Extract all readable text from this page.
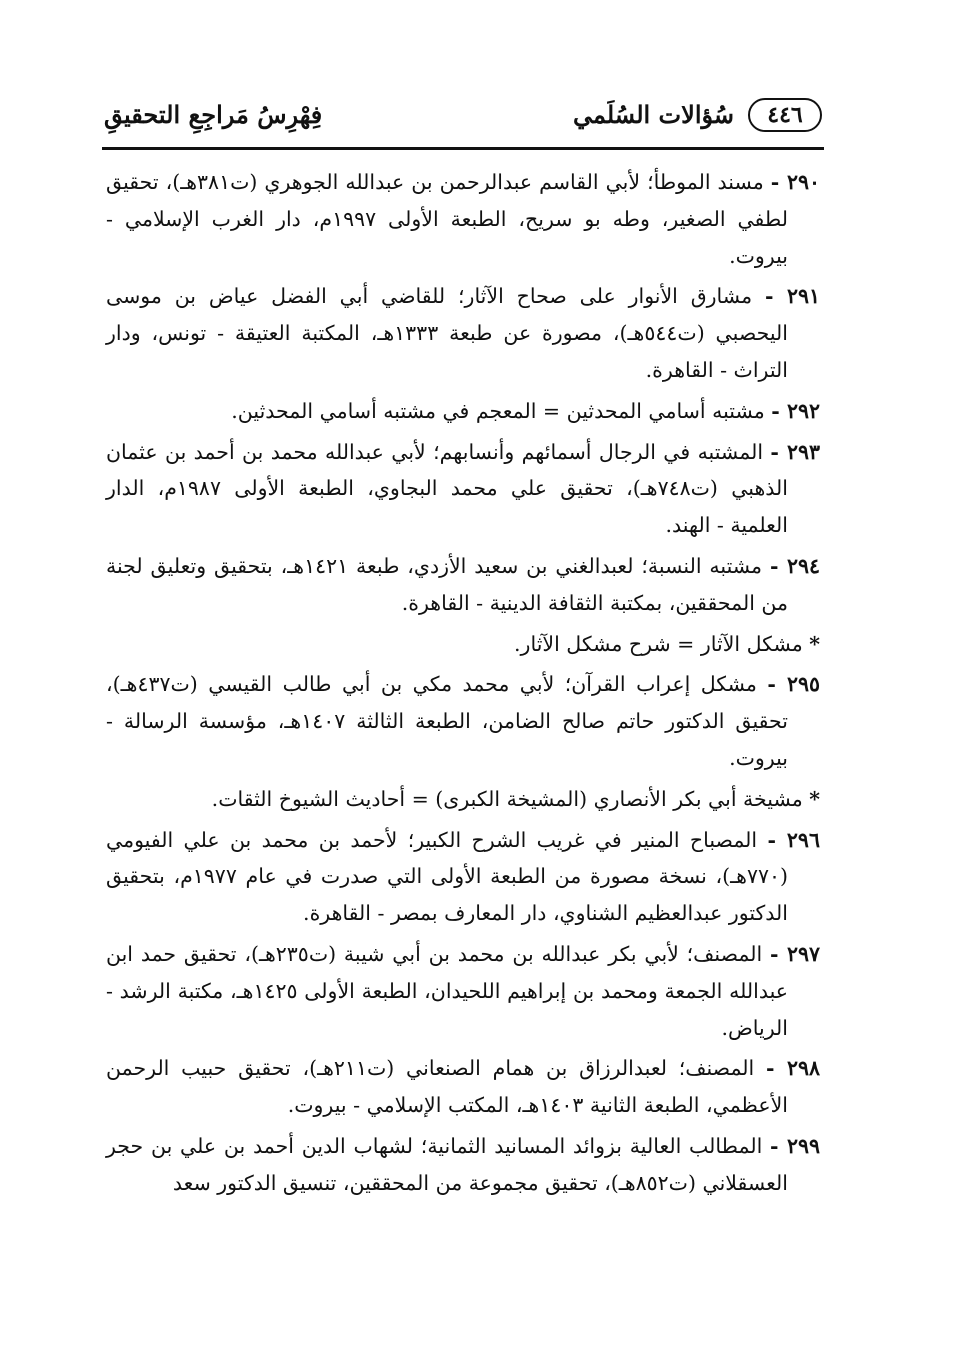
٤٤٦
سُؤالات السُلَمي
فِهْرِسُ مَراجِعِ التحقيقِ

٢٩٠ - مسند الموطأ؛ لأبي القاسم عبدالرحمن بن عبدالله الجوهري (ت٣٨١هـ)، تحقيق لطفي الصغير، وطه بو سريح، الطبعة الأولى ١٩٩٧م، دار الغرب الإسلامي - بيروت.

٢٩١ - مشارق الأنوار على صحاح الآثار؛ للقاضي أبي الفضل عياض بن موسى اليحصبي (ت٥٤٤هـ)، مصورة عن طبعة ١٣٣٣هـ، المكتبة العتيقة - تونس، ودار التراث - القاهرة.

٢٩٢ - مشتبه أسامي المحدثين = المعجم في مشتبه أسامي المحدثين.

٢٩٣ - المشتبه في الرجال أسمائهم وأنسابهم؛ لأبي عبدالله محمد بن أحمد بن عثمان الذهبي (ت٧٤٨هـ)، تحقيق علي محمد البجاوي، الطبعة الأولى ١٩٨٧م، الدار العلمية - الهند.

٢٩٤ - مشتبه النسبة؛ لعبدالغني بن سعيد الأزدي، طبعة ١٤٢١هـ، بتحقيق وتعليق لجنة من المحققين، بمكتبة الثقافة الدينية - القاهرة.

* مشكل الآثار = شرح مشكل الآثار.

٢٩٥ - مشكل إعراب القرآن؛ لأبي محمد مكي بن أبي طالب القيسي (ت٤٣٧هـ)، تحقيق الدكتور حاتم صالح الضامن، الطبعة الثالثة ١٤٠٧هـ، مؤسسة الرسالة - بيروت.

* مشيخة أبي بكر الأنصاري (المشيخة الكبرى) = أحاديث الشيوخ الثقات.

٢٩٦ - المصباح المنير في غريب الشرح الكبير؛ لأحمد بن محمد بن علي الفيومي (٧٧٠هـ)، نسخة مصورة من الطبعة الأولى التي صدرت في عام ١٩٧٧م، بتحقيق الدكتور عبدالعظيم الشناوي، دار المعارف بمصر - القاهرة.

٢٩٧ - المصنف؛ لأبي بكر عبدالله بن محمد بن أبي شيبة (ت٢٣٥هـ)، تحقيق حمد ابن عبدالله الجمعة ومحمد بن إبراهيم اللحيدان، الطبعة الأولى ١٤٢٥هـ، مكتبة الرشد - الرياض.

٢٩٨ - المصنف؛ لعبدالرزاق بن همام الصنعاني (ت٢١١هـ)، تحقيق حبيب الرحمن الأعظمي، الطبعة الثانية ١٤٠٣هـ، المكتب الإسلامي - بيروت.

٢٩٩ - المطالب العالية بزوائد المسانيد الثمانية؛ لشهاب الدين أحمد بن علي بن حجر العسقلاني (ت٨٥٢هـ)، تحقيق مجموعة من المحققين، تنسيق الدكتور سعد
